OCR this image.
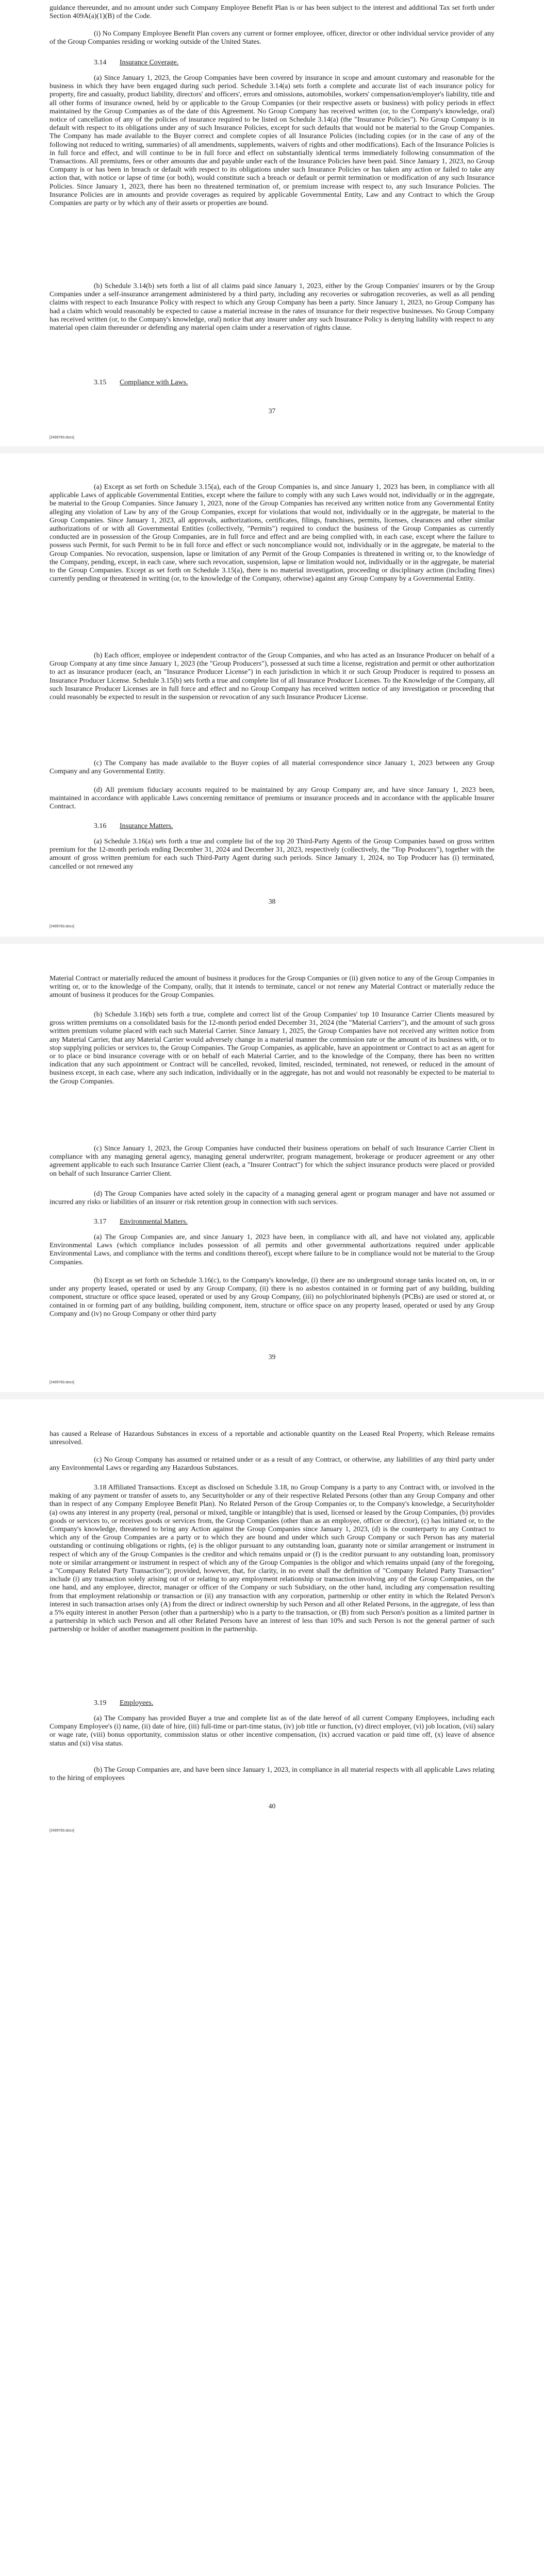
guidance thereunder, and no amount under such Company Employee Benefit Plan is or has been subject to the interest and additional Tax set forth under Section 409A(a)(1)(B) of the Code.

(i) No Company Employee Benefit Plan covers any current or former employee, officer, director or other individual service provider of any of the Group Companies residing or working outside of the United States.

3.14 Insurance Coverage.

(a) Since January 1, 2023, the Group Companies have been covered by insurance in scope and amount customary and reasonable for the business in which they have been engaged during such period. Schedule 3.14(a) sets forth a complete and accurate list of each insurance policy for property, fire and casualty, product liability, directors' and officers', errors and omissions, automobiles, workers' compensation/employer's liability, title and all other forms of insurance owned, held by or applicable to the Group Companies (or their respective assets or business) with policy periods in effect maintained by the Group Companies as of the date of this Agreement. No Group Company has received written (or, to the Company's knowledge, oral) notice of cancellation of any of the policies of insurance required to be listed on Schedule 3.14(a) (the "Insurance Policies"). No Group Company is in default with respect to its obligations under any of such Insurance Policies, except for such defaults that would not be material to the Group Companies. The Company has made available to the Buyer correct and complete copies of all Insurance Policies (including copies (or in the case of any of the following not reduced to writing, summaries) of all amendments, supplements, waivers of rights and other modifications). Each of the Insurance Policies is in full force and effect, and will continue to be in full force and effect on substantially identical terms immediately following consummation of the Transactions. All premiums, fees or other amounts due and payable under each of the Insurance Policies have been paid. Since January 1, 2023, no Group Company is or has been in breach or default with respect to its obligations under such Insurance Policies or has taken any action or failed to take any action that, with notice or lapse of time (or both), would constitute such a breach or default or permit termination or modification of any such Insurance Policies. Since January 1, 2023, there has been no threatened termination of, or premium increase with respect to, any such Insurance Policies. The Insurance Policies are in amounts and provide coverages as required by applicable Governmental Entity, Law and any Contract to which the Group Companies are party or by which any of their assets or properties are bound.

(b) Schedule 3.14(b) sets forth a list of all claims paid since January 1, 2023, either by the Group Companies' insurers or by the Group Companies under a self-insurance arrangement administered by a third party, including any recoveries or subrogation recoveries, as well as all pending claims with respect to each Insurance Policy with respect to which any Group Company has been a party. Since January 1, 2023, no Group Company has had a claim which would reasonably be expected to cause a material increase in the rates of insurance for their respective businesses. No Group Company has received written (or, to the Company's knowledge, oral) notice that any insurer under any such Insurance Policy is denying liability with respect to any material open claim thereunder or defending any material open claim under a reservation of rights clause.

3.15 Compliance with Laws.
37
[2499783.docx]

(a) Except as set forth on Schedule 3.15(a), each of the Group Companies is, and since January 1, 2023 has been, in compliance with all applicable Laws of applicable Governmental Entities, except where the failure to comply with any such Laws would not, individually or in the aggregate, be material to the Group Companies. Since January 1, 2023, none of the Group Companies has received any written notice from any Governmental Entity alleging any violation of Law by any of the Group Companies, except for violations that would not, individually or in the aggregate, be material to the Group Companies. Since January 1, 2023, all approvals, authorizations, certificates, filings, franchises, permits, licenses, clearances and other similar authorizations of or with all Governmental Entities (collectively, "Permits") required to conduct the business of the Group Companies as currently conducted are in possession of the Group Companies, are in full force and effect and are being complied with, in each case, except where the failure to possess such Permit, for such Permit to be in full force and effect or such noncompliance would not, individually or in the aggregate, be material to the Group Companies. No revocation, suspension, lapse or limitation of any Permit of the Group Companies is threatened in writing or, to the knowledge of the Company, pending, except, in each case, where such revocation, suspension, lapse or limitation would not, individually or in the aggregate, be material to the Group Companies. Except as set forth on Schedule 3.15(a), there is no material investigation, proceeding or disciplinary action (including fines) currently pending or threatened in writing (or, to the knowledge of the Company, otherwise) against any Group Company by a Governmental Entity.

(b) Each officer, employee or independent contractor of the Group Companies, and who has acted as an Insurance Producer on behalf of a Group Company at any time since January 1, 2023 (the "Group Producers"), possessed at such time a license, registration and permit or other authorization to act as insurance producer (each, an "Insurance Producer License") in each jurisdiction in which it or such Group Producer is required to possess an Insurance Producer License. Schedule 3.15(b) sets forth a true and complete list of all Insurance Producer Licenses. To the Knowledge of the Company, all such Insurance Producer Licenses are in full force and effect and no Group Company has received written notice of any investigation or proceeding that could reasonably be expected to result in the suspension or revocation of any such Insurance Producer License.

(c) The Company has made available to the Buyer copies of all material correspondence since January 1, 2023 between any Group Company and any Governmental Entity.

(d) All premium fiduciary accounts required to be maintained by any Group Company are, and have since January 1, 2023 been, maintained in accordance with applicable Laws concerning remittance of premiums or insurance proceeds and in accordance with the applicable Insurer Contract.

3.16 Insurance Matters.

(a) Schedule 3.16(a) sets forth a true and complete list of the top 20 Third-Party Agents of the Group Companies based on gross written premium for the 12-month periods ending December 31, 2024 and December 31, 2023, respectively (collectively, the "Top Producers"), together with the amount of gross written premium for each such Third-Party Agent during such periods. Since January 1, 2024, no Top Producer has (i) terminated, cancelled or not renewed any

38
[2499783.docx]

Material Contract or materially reduced the amount of business it produces for the Group Companies or (ii) given notice to any of the Group Companies in writing or, or to the knowledge of the Company, orally, that it intends to terminate, cancel or not renew any Material Contract or materially reduce the amount of business it produces for the Group Companies.

(b) Schedule 3.16(b) sets forth a true, complete and correct list of the Group Companies' top 10 Insurance Carrier Clients measured by gross written premiums on a consolidated basis for the 12-month period ended December 31, 2024 (the "Material Carriers"), and the amount of such gross written premium volume placed with each such Material Carrier. Since January 1, 2025, the Group Companies have not received any written notice from any Material Carrier, that any Material Carrier would adversely change in a material manner the commission rate or the amount of its business with, or to stop supplying policies or services to, the Group Companies. The Group Companies, as applicable, have an appointment or Contract to act as an agent for or to place or bind insurance coverage with or on behalf of each Material Carrier, and to the knowledge of the Company, there has been no written indication that any such appointment or Contract will be cancelled, revoked, limited, rescinded, terminated, not renewed, or reduced in the amount of business except, in each case, where any such indication, individually or in the aggregate, has not and would not reasonably be expected to be material to the Group Companies.

(c) Since January 1, 2023, the Group Companies have conducted their business operations on behalf of such Insurance Carrier Client in compliance with any managing general agency, managing general underwriter, program management, brokerage or producer agreement or any other agreement applicable to each such Insurance Carrier Client (each, a "Insurer Contract") for which the subject insurance products were placed or provided on behalf of such Insurance Carrier Client.

(d) The Group Companies have acted solely in the capacity of a managing general agent or program manager and have not assumed or incurred any risks or liabilities of an insurer or risk retention group in connection with such services.

3.17 Environmental Matters.

(a) The Group Companies are, and since January 1, 2023 have been, in compliance with all, and have not violated any, applicable Environmental Laws (which compliance includes possession of all permits and other governmental authorizations required under applicable Environmental Laws, and compliance with the terms and conditions thereof), except where failure to be in compliance would not be material to the Group Companies.

(b) Except as set forth on Schedule 3.16(c), to the Company's knowledge, (i) there are no underground storage tanks located on, on, in or under any property leased, operated or used by any Group Company, (ii) there is no asbestos contained in or forming part of any building, building component, structure or office space leased, operated or used by any Group Company, (iii) no polychlorinated biphenyls (PCBs) are used or stored at, or contained in or forming part of any building, building component, item, structure or office space on any property leased, operated or used by any Group Company and (iv) no Group Company or other third party

39
[2499783.docx]

has caused a Release of Hazardous Substances in excess of a reportable and actionable quantity on the Leased Real Property, which Release remains unresolved.

(c) No Group Company has assumed or retained under or as a result of any Contract, or otherwise, any liabilities of any third party under any Environmental Laws or regarding any Hazardous Substances.

3.18 Affiliated Transactions. Except as disclosed on Schedule 3.18, no Group Company is a party to any Contract with, or involved in the making of any payment or transfer of assets to, any Securityholder or any of their respective Related Persons (other than any Group Company and other than in respect of any Company Employee Benefit Plan). No Related Person of the Group Companies or, to the Company's knowledge, a Securityholder (a) owns any interest in any property (real, personal or mixed, tangible or intangible) that is used, licensed or leased by the Group Companies, (b) provides goods or services to, or receives goods or services from, the Group Companies (other than as an employee, officer or director), (c) has initiated or, to the Company's knowledge, threatened to bring any Action against the Group Companies since January 1, 2023, (d) is the counterparty to any Contract to which any of the Group Companies are a party or to which they are bound and under which such Group Company or such Person has any material outstanding or continuing obligations or rights, (e) is the obligor pursuant to any outstanding loan, guaranty note or similar arrangement or instrument in respect of which any of the Group Companies is the creditor and which remains unpaid or (f) is the creditor pursuant to any outstanding loan, promissory note or similar arrangement or instrument in respect of which any of the Group Companies is the obligor and which remains unpaid (any of the foregoing, a "Company Related Party Transaction"); provided, however, that, for clarity, in no event shall the definition of "Company Related Party Transaction" include (i) any transaction solely arising out of or relating to any employment relationship or transaction involving any of the Group Companies, on the one hand, and any employee, director, manager or officer of the Company or such Subsidiary, on the other hand, including any compensation resulting from that employment relationship or transaction or (ii) any transaction with any corporation, partnership or other entity in which the Related Person's interest in such transaction arises only (A) from the direct or indirect ownership by such Person and all other Related Persons, in the aggregate, of less than a 5% equity interest in another Person (other than a partnership) who is a party to the transaction, or (B) from such Person's position as a limited partner in a partnership in which such Person and all other Related Persons have an interest of less than 10% and such Person is not the general partner of such partnership or holder of another management position in the partnership.

3.19 Employees.

(a) The Company has provided Buyer a true and complete list as of the date hereof of all current Company Employees, including each Company Employee's (i) name, (ii) date of hire, (iii) full-time or part-time status, (iv) job title or function, (v) direct employer, (vi) job location, (vii) salary or wage rate, (viii) bonus opportunity, commission status or other incentive compensation, (ix) accrued vacation or paid time off, (x) leave of absence status and (xi) visa status.

(b) The Group Companies are, and have been since January 1, 2023, in compliance in all material respects with all applicable Laws relating to the hiring of employees

40
[2499783.docx]
